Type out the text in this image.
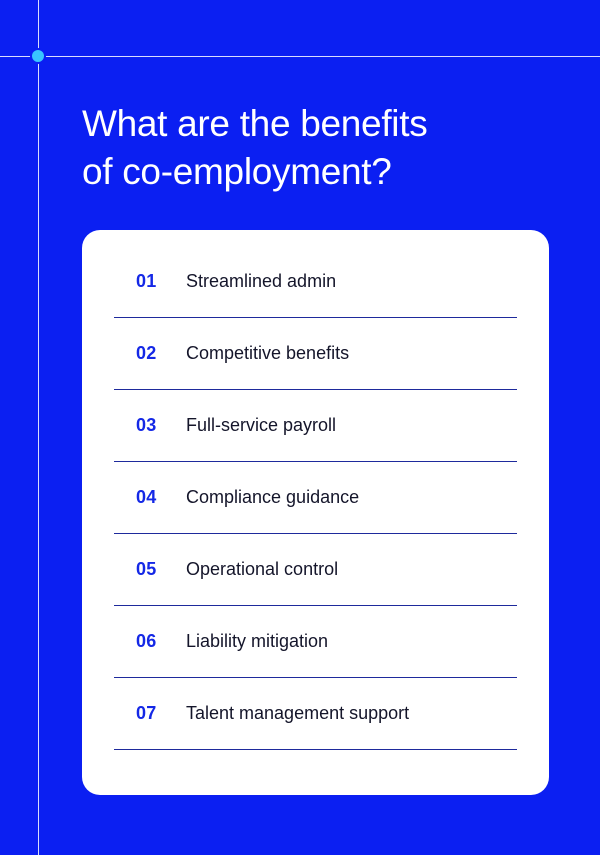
What are the benefits
of co-employment?
01	Streamlined admin
02	Competitive benefits
03	Full-service payroll
04	Compliance guidance
05	Operational control
06	Liability mitigation
07	Talent management support
